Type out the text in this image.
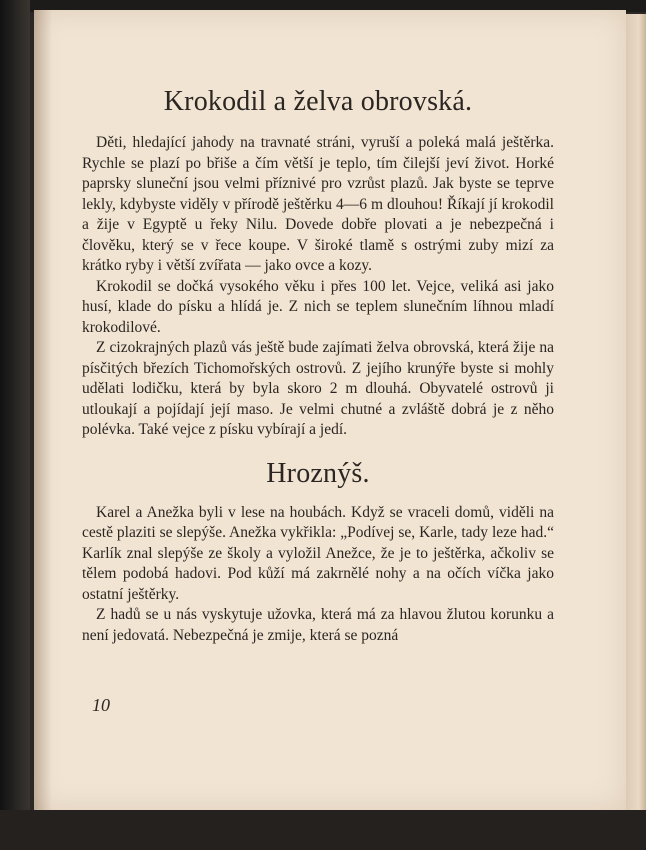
Krokodil a želva obrovská.

Děti, hledající jahody na travnaté stráni, vyruší a poleká malá ještěrka. Rychle se plazí po břiše a čím větší je teplo, tím čilejší jeví život. Horké paprsky sluneční jsou velmi příznivé pro vzrůst plazů. Jak byste se teprve lekly, kdybyste viděly v přírodě ještěrku 4—6 m dlouhou! Říkají jí krokodil a žije v Egyptě u řeky Nilu. Dovede dobře plovati a je nebezpečná i člověku, který se v řece koupe. V široké tlamě s ostrými zuby mizí za krátko ryby i větší zvířata — jako ovce a kozy.

Krokodil se dočká vysokého věku i přes 100 let. Vejce, veliká asi jako husí, klade do písku a hlídá je. Z nich se teplem slunečním líhnou mladí krokodilové.

Z cizokrajných plazů vás ještě bude zajímati želva obrovská, která žije na písčitých březích Tichomořských ostrovů. Z jejího krunýře byste si mohly udělati lodičku, která by byla skoro 2 m dlouhá. Obyvatelé ostrovů ji utloukají a pojídají její maso. Je velmi chutné a zvláště dobrá je z něho polévka. Také vejce z písku vybírají a jedí.

Hroznýš.

Karel a Anežka byli v lese na houbách. Když se vraceli domů, viděli na cestě plaziti se slepýše. Anežka vykřikla: „Podívej se, Karle, tady leze had.“ Karlík znal slepýše ze školy a vyložil Anežce, že je to ještěrka, ačkoliv se tělem podobá hadovi. Pod kůží má zakrnělé nohy a na očích víčka jako ostatní ještěrky.

Z hadů se u nás vyskytuje užovka, která má za hlavou žlutou korunku a není jedovatá. Nebezpečná je zmije, která se pozná

10
